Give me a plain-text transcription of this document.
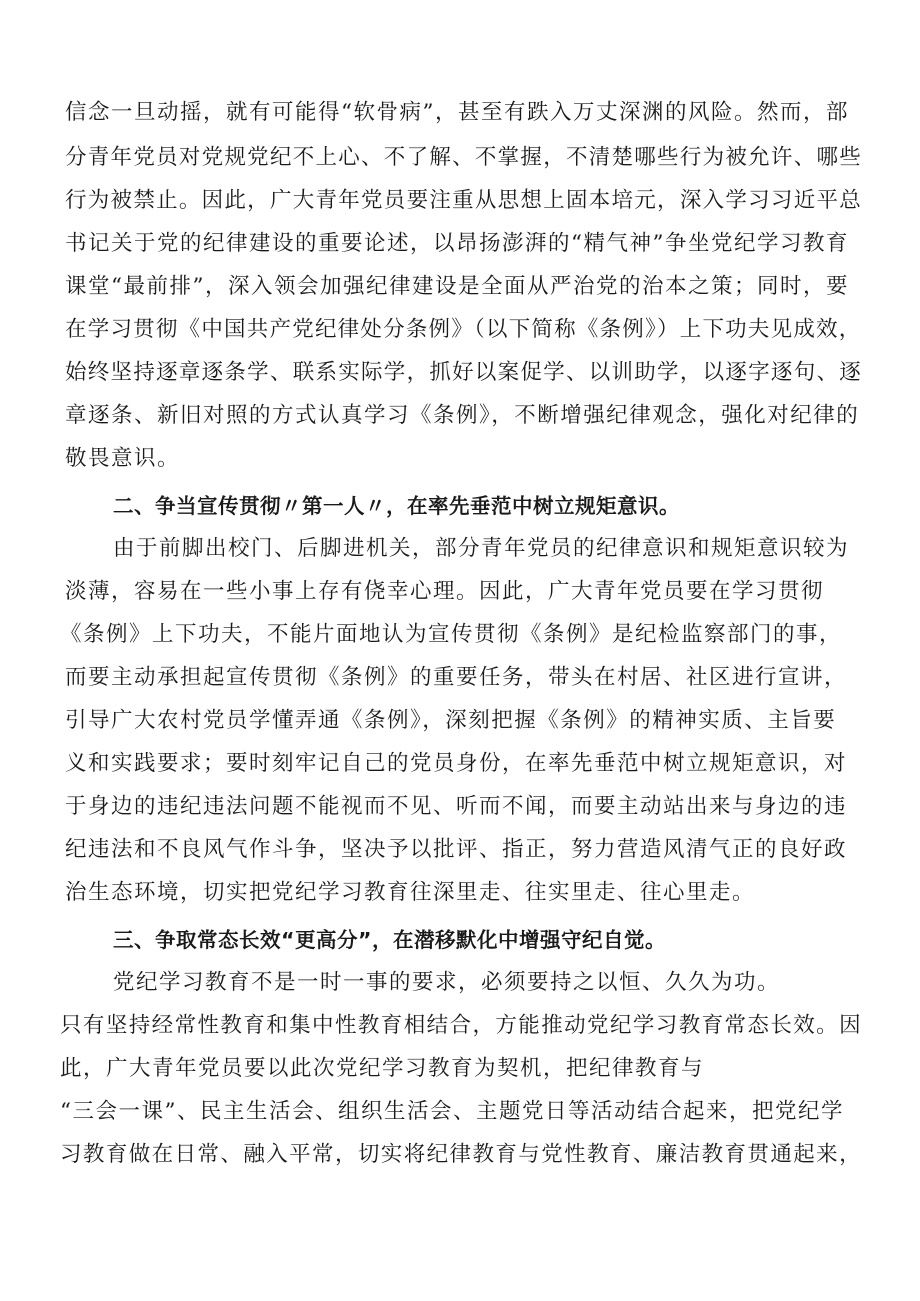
信念一旦动摇，就有可能得“软骨病”，甚至有跌入万丈深渊的风险。然而，部
分青年党员对党规党纪不上心、不了解、不掌握，不清楚哪些行为被允许、哪些
行为被禁止。因此，广大青年党员要注重从思想上固本培元，深入学习习近平总
书记关于党的纪律建设的重要论述，以昂扬澎湃的“精气神”争坐党纪学习教育
课堂“最前排”，深入领会加强纪律建设是全面从严治党的治本之策；同时，要
在学习贯彻《中国共产党纪律处分条例》（以下简称《条例》）上下功夫见成效，
始终坚持逐章逐条学、联系实际学，抓好以案促学、以训助学，以逐字逐句、逐
章逐条、新旧对照的方式认真学习《条例》，不断增强纪律观念，强化对纪律的
敬畏意识。
二、争当宣传贯彻〃第一人〃，在率先垂范中树立规矩意识。
由于前脚出校门、后脚进机关，部分青年党员的纪律意识和规矩意识较为
淡薄，容易在一些小事上存有侥幸心理。因此，广大青年党员要在学习贯彻
《条例》上下功夫，不能片面地认为宣传贯彻《条例》是纪检监察部门的事，
而要主动承担起宣传贯彻《条例》的重要任务，带头在村居、社区进行宣讲，
引导广大农村党员学懂弄通《条例》，深刻把握《条例》的精神实质、主旨要
义和实践要求；要时刻牢记自己的党员身份，在率先垂范中树立规矩意识，对
于身边的违纪违法问题不能视而不见、听而不闻，而要主动站出来与身边的违
纪违法和不良风气作斗争，坚决予以批评、指正，努力营造风清气正的良好政
治生态环境，切实把党纪学习教育往深里走、往实里走、往心里走。
三、争取常态长效“更高分”，在潜移默化中增强守纪自觉。
党纪学习教育不是一时一事的要求，必须要持之以恒、久久为功。
只有坚持经常性教育和集中性教育相结合，方能推动党纪学习教育常态长效。因
此，广大青年党员要以此次党纪学习教育为契机，把纪律教育与
“三会一课”、民主生活会、组织生活会、主题党日等活动结合起来，把党纪学
习教育做在日常、融入平常，切实将纪律教育与党性教育、廉洁教育贯通起来，
